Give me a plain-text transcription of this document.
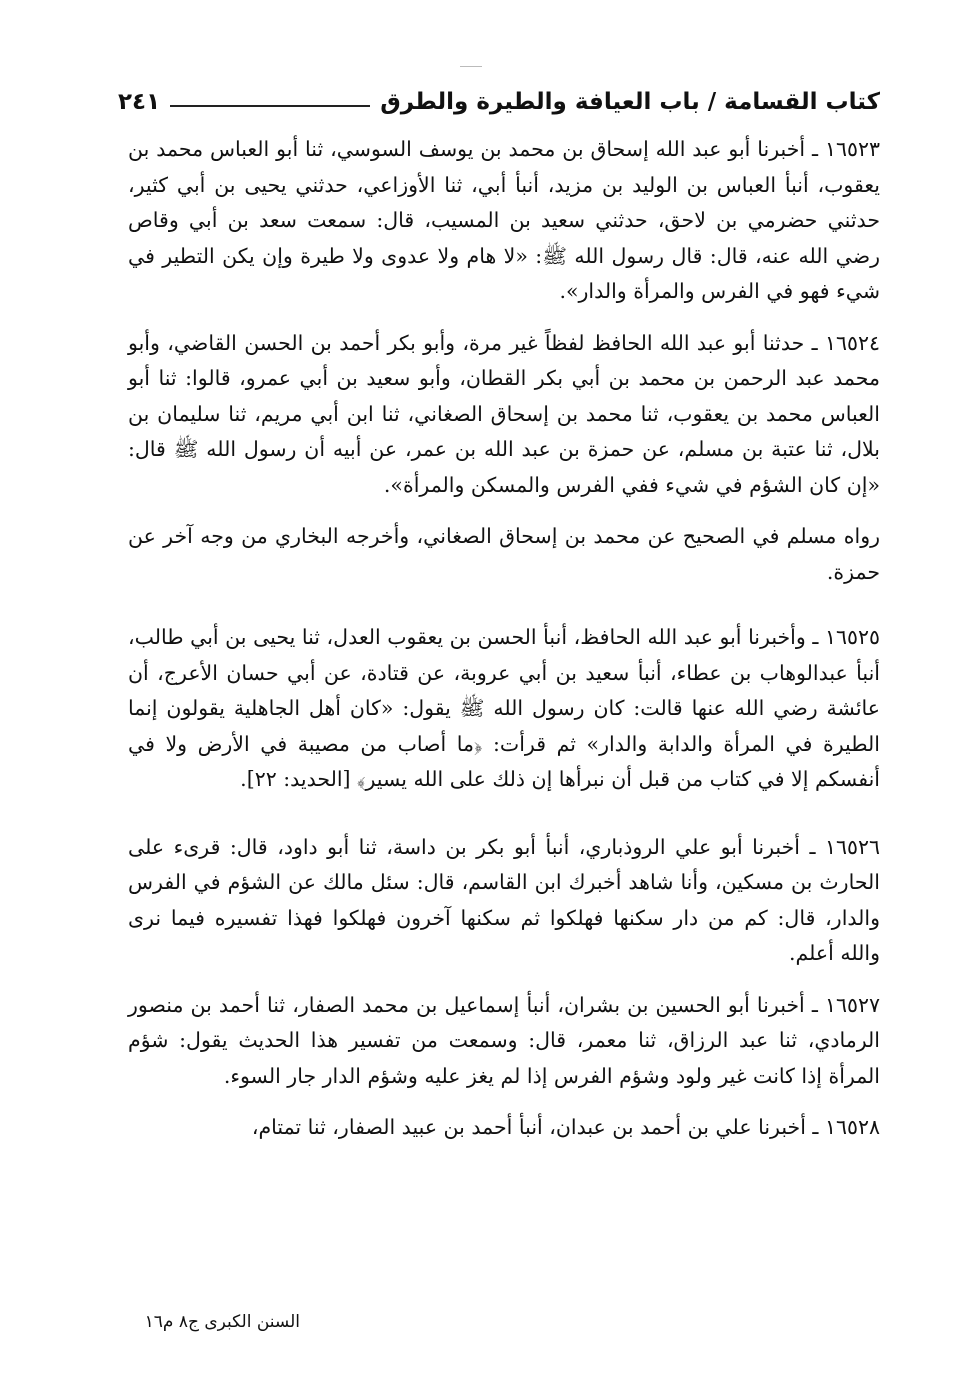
كتاب القسامة / باب العيافة والطيرة والطرق
٢٤١

١٦٥٢٣ ـ أخبرنا أبو عبد الله إسحاق بن محمد بن يوسف السوسي، ثنا أبو العباس محمد بن يعقوب، أنبأ العباس بن الوليد بن مزيد، أنبأ أبي، ثنا الأوزاعي، حدثني يحيى بن أبي كثير، حدثني حضرمي بن لاحق، حدثني سعيد بن المسيب، قال: سمعت سعد بن أبي وقاص رضي الله عنه، قال: قال رسول الله ﷺ: «لا هام ولا عدوى ولا طيرة وإن يكن التطير في شيء فهو في الفرس والمرأة والدار».

١٦٥٢٤ ـ حدثنا أبو عبد الله الحافظ لفظاً غير مرة، وأبو بكر أحمد بن الحسن القاضي، وأبو محمد عبد الرحمن بن محمد بن أبي بكر القطان، وأبو سعيد بن أبي عمرو، قالوا: ثنا أبو العباس محمد بن يعقوب، ثنا محمد بن إسحاق الصغاني، ثنا ابن أبي مريم، ثنا سليمان بن بلال، ثنا عتبة بن مسلم، عن حمزة بن عبد الله بن عمر، عن أبيه أن رسول الله ﷺ قال: «إن كان الشؤم في شيء ففي الفرس والمسكن والمرأة».

رواه مسلم في الصحيح عن محمد بن إسحاق الصغاني، وأخرجه البخاري من وجه آخر عن حمزة.

١٦٥٢٥ ـ وأخبرنا أبو عبد الله الحافظ، أنبأ الحسن بن يعقوب العدل، ثنا يحيى بن أبي طالب، أنبأ عبدالوهاب بن عطاء، أنبأ سعيد بن أبي عروبة، عن قتادة، عن أبي حسان الأعرج، أن عائشة رضي الله عنها قالت: كان رسول الله ﷺ يقول: «كان أهل الجاهلية يقولون إنما الطيرة في المرأة والدابة والدار» ثم قرأت: ﴿ما أصاب من مصيبة في الأرض ولا في أنفسكم إلا في كتاب من قبل أن نبرأها إن ذلك على الله يسير﴾ [الحديد: ٢٢].

١٦٥٢٦ ـ أخبرنا أبو علي الروذباري، أنبأ أبو بكر بن داسة، ثنا أبو داود، قال: قرىء على الحارث بن مسكين، وأنا شاهد أخبرك ابن القاسم، قال: سئل مالك عن الشؤم في الفرس والدار، قال: كم من دار سكنها فهلكوا ثم سكنها آخرون فهلكوا فهذا تفسيره فيما نرى والله أعلم.

١٦٥٢٧ ـ أخبرنا أبو الحسين بن بشران، أنبأ إسماعيل بن محمد الصفار، ثنا أحمد بن منصور الرمادي، ثنا عبد الرزاق، ثنا معمر، قال: وسمعت من تفسير هذا الحديث يقول: شؤم المرأة إذا كانت غير ولود وشؤم الفرس إذا لم يغز عليه وشؤم الدار جار السوء.

١٦٥٢٨ ـ أخبرنا علي بن أحمد بن عبدان، أنبأ أحمد بن عبيد الصفار، ثنا تمتام،

السنن الكبرى ج٨ م١٦
